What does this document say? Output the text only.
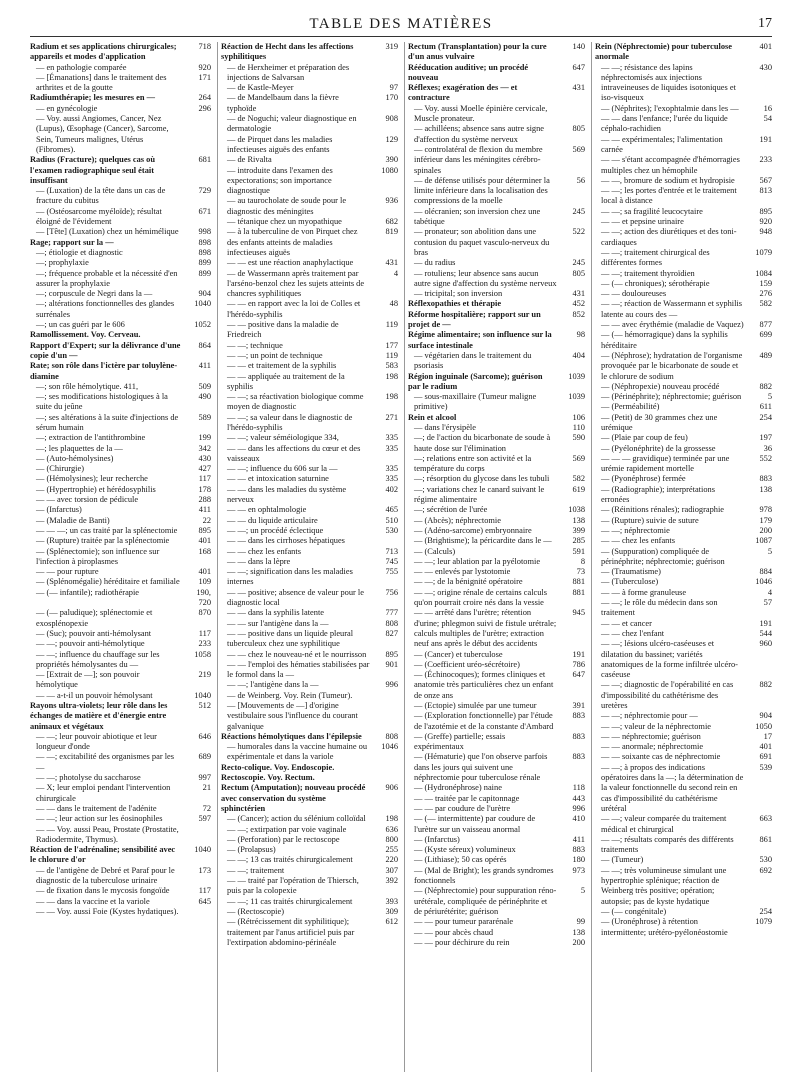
TABLE DES MATIÈRES	17
Radium et ses applications chirurgicales; appareils et modes d'application
718
— en pathologie comparée	920
— [Émanations] dans le traitement des arthrites et de la goutte
171
Radiumthérapie; les mesures en —	264
— en gynécologie	296
— Voy. aussi Angiomes, Cancer, Nez (Lupus), Œsophage (Cancer), Sarcome, Sein, Tumeurs malignes, Utérus (Fibromes).
Radius (Fracture); quelques cas où l'examen radiographique seul était insuffisant
681
— (Luxation) de la tête dans un cas de fracture du cubitus
729
— (Ostéosarcome myéloïde); résultat éloigné de l'évidement
671
— [Tête] (Luxation) chez un hémimélique	998
Rage; rapport sur la —	898
—; étiologie et diagnostic	898
—; prophylaxie	899
—; fréquence probable et la nécessité d'en assurer la prophylaxie
899
—; corpuscule de Negri dans la —	904
—; altérations fonctionnelles des glandes surrénales
1040
—; un cas guéri par le 606	1052
Ramollissement. Voy. Cerveau.
Rapport d'Expert; sur la délivrance d'une copie d'un —
864
Rate; son rôle dans l'ictère par toluylène-diamine
411
—; son rôle hémolytique. 411,	509
—; ses modifications histologiques à la suite du jeûne
490
—; ses altérations à la suite d'injections de sérum humain
589
—; extraction de l'antithrombine	199
—; les plaquettes de la —	342
— (Auto-hémolysines)	430
— (Chirurgie)	427
— (Hémolysines); leur recherche	117
— (Hypertrophie) et hérédosyphilis	178
— — avec torsion de pédicule	288
— (Infarctus)	411
— (Maladie de Banti)	22
— — —; un cas traité par la splénectomie	895
— (Rupture) traitée par la splénectomie	401
— (Splénectomie); son influence sur l'infection à piroplasmes
168
— — pour rupture	401
— (Splénomégalie) héréditaire et familiale	109
— (— infantile); radiothérapie	190, 720
— (— paludique); splénectomie et exosplénopexie
870
— (Suc); pouvoir anti-hémolysant	117
— —; pouvoir anti-hémolytique	233
— —; influence du chauffage sur les propriétés hémolysantes du —
1058
— [Extrait de —]; son pouvoir hémolytique
219
— — a-t-il un pouvoir hémolysant	1040
Rayons ultra-violets; leur rôle dans les échanges de matière et d'énergie entre animaux et végétaux
512
— —; leur pouvoir abiotique et leur longueur d'onde
646
— —; excitabilité des organismes par les —
689
— —; photolyse du saccharose	997
— X; leur emploi pendant l'intervention chirurgicale
21
— — dans le traitement de l'adénite	72
— —; leur action sur les éosinophiles	597
— — Voy. aussi Peau, Prostate (Prostatite, Radiodermite, Thymus).
Réaction de l'adrénaline; sensibilité avec le chlorure d'or
1040
— de l'antigène de Debré et Paraf pour le diagnostic de la tuberculose urinaire
173
— de fixation dans le mycosis fongoïde	117
— — dans la vaccine et la variole	645
— — Voy. aussi Foie (Kystes hydatiques).
Réaction de Hecht dans les affections syphilitiques
319
— de Herxheimer et préparation des injections de Salvarsan
— de Kastle-Meyer	97
— de Mandelbaum dans la fièvre typhoïde
170
— de Noguchi; valeur diagnostique en dermatologie
908
— de Pirquet dans les maladies infectieuses aiguës des enfants
129
— de Rivalta	390
— introduite dans l'examen des expectorations; son importance diagnostique
1080
— au taurocholate de soude pour le diagnostic des méningites
936
— tétanique chez un myopathique	682
— à la tuberculine de von Pirquet chez des enfants atteints de maladies infectieuses aiguës
819
— — est une réaction anaphylactique	431
— de Wassermann après traitement par l'arséno-benzol chez les sujets atteints de chancres syphilitiques
4
— — en rapport avec la loi de Colles et l'hérédo-syphilis
48
— — positive dans la maladie de Friedreich
119
— —; technique	177
— —; un point de technique	119
— — et traitement de la syphilis	583
— — appliquée au traitement de la syphilis
198
— —; sa réactivation biologique comme moyen de diagnostic
198
— —; sa valeur dans le diagnostic de l'hérédo-syphilis
271
— —; valeur séméiologique 334,	335
— — dans les affections du cœur et des vaisseaux
335
— —; influence du 606 sur la —	335
— — et intoxication saturnine	335
— — dans les maladies du système nerveux
402
— — en ophtalmologie	465
— — du liquide articulaire	510
— —; un procédé éclectique	530
— — dans les cirrhoses hépatiques
— — chez les enfants	713
— — dans la lèpre	745
— —; signification dans les maladies internes
755
— — positive; absence de valeur pour le diagnostic local
756
— — dans la syphilis latente	777
— — sur l'antigène dans la —	808
— — positive dans un liquide pleural tuberculeux chez une syphilitique
827
— — chez le nouveau-né et le nourrisson	895
— — l'emploi des hématies stabilisées par le formol dans la —
901
— —; l'antigène dans la —	996
— de Weinberg. Voy. Rein (Tumeur).
— [Mouvements de —] d'origine vestibulaire sous l'influence du courant galvanique
Réactions hémolytiques dans l'épilepsie	808
— humorales dans la vaccine humaine ou expérimentale et dans la variole
1046
Recto-colique. Voy. Endoscopie.
Rectoscopie. Voy. Rectum.
Rectum (Amputation); nouveau procédé avec conservation du système sphinctérien
906
— (Cancer); action du sélénium colloïdal	198
— —; extirpation par voie vaginale	636
— (Perforation) par le rectoscope	800
— (Prolapsus)	255
— —; 13 cas traités chirurgicalement	220
— —; traitement	307
— — traité par l'opération de Thiersch, puis par la colopexie
392
— —; 11 cas traités chirurgicalement	393
— (Rectoscopie)	309
— (Rétrécissement dit syphilitique); traitement par l'anus artificiel puis par l'extirpation abdomino-périnéale
612
Rectum (Transplantation) pour la cure d'un anus vulvaire
140
Rééducation auditive; un procédé nouveau
647
Réflexes; exagération des — et contracture
431
— Voy. aussi Moelle épinière cervicale, Muscle pronateur.
— achilléens; absence sans autre signe d'affection du système nerveux
805
— controlatéral de flexion du membre inférieur dans les méningites cérébro-spinales
569
— de défense utilisés pour déterminer la limite inférieure dans la localisation des compressions de la moelle
56
— olécranien; son inversion chez une tabétique
245
— pronateur; son abolition dans une contusion du paquet vasculo-nerveux du bras
522
— du radius	245
— rotuliens; leur absence sans aucun autre signe d'affection du système nerveux
805
— tricipital; son inversion	431
Réflexopathies et thérapie	452
Réforme hospitalière; rapport sur un projet de —
852
Régime alimentaire; son influence sur la surface intestinale
98
— végétarien dans le traitement du psoriasis
404
Région inguinale (Sarcome); guérison par le radium
1039
— sous-maxillaire (Tumeur maligne primitive)
1039
Rein et alcool	106
— dans l'érysipèle	110
—; de l'action du bicarbonate de soude à haute dose sur l'élimination
590
—; relations entre son activité et la température du corps
569
—; résorption du glycose dans les tubuli	582
—; variations chez le canard suivant le régime alimentaire
619
—; sécrétion de l'urée	1038
— (Abcès); néphrectomie	138
— (Adéno-sarcome) embryonnaire	399
— (Brightisme); la péricardite dans le —	285
— (Calculs)	591
— —; leur ablation par la pyélotomie	8
— — enlevés par lystotomie	73
— —; de la bénignité opératoire	881
— —; origine rénale de certains calculs qu'on pourrait croire nés dans la vessie
881
— — arrêté dans l'urètre; rétention d'urine; phlegmon suivi de fistule urétrale; calculs multiples de l'urètre; extraction neuf ans après le début des accidents
945
— (Cancer) et tuberculose	191
— (Coefficient uréo-sécrétoire)	786
— (Échinocoques); formes cliniques et anatomie très particulières chez un enfant de onze ans
647
— (Ectopie) simulée par une tumeur	391
— (Exploration fonctionnelle) par l'étude de l'azotémie et de la constante d'Ambard
883
— (Greffe) partielle; essais expérimentaux
883
— (Hématurie) que l'on observe parfois dans les jours qui suivent une néphrectomie pour tuberculose rénale
883
— (Hydronéphrose) naine	118
— — traitée par le capitonnage	443
— — par coudure de l'urètre	996
— (— intermittente) par coudure de l'urètre sur un vaisseau anormal
410
— (Infarctus)	411
— (Kyste séreux) volumineux	883
— (Lithiase); 50 cas opérés	180
— (Mal de Bright); les grands syndromes fonctionnels
973
— (Néphrectomie) pour suppuration réno-urétérale, compliquée de périnéphrite et de périurétérite; guérison
5
— — pour tumeur pararénale	99
— — pour abcès chaud	138
— — pour déchirure du rein	200
Rein (Néphrectomie) pour tuberculose anormale
401
— —; résistance des lapins néphrectomisés aux injections intraveineuses de liquides isotoniques et iso-visqueux
430
— (Néphrites); l'exophtalmie dans les —	16
— — dans l'enfance; l'urée du liquide céphalo-rachidien
54
— — expérimentales; l'alimentation carnée
191
— — s'étant accompagnée d'hémorragies multiples chez un hémophile
233
— —, bromure de sodium et hydropisie	567
— —; les portes d'entrée et le traitement local à distance
813
— —; sa fragilité leucocytaire	895
— — et pepsine urinaire	920
— —; action des diurétiques et des toni-cardiaques
948
— —; traitement chirurgical des différentes formes
1079
— —; traitement thyroïdien	1084
— (— chroniques); sérothérapie	159
— — douloureuses	276
— —; réaction de Wassermann et syphilis latente au cours des —
582
— — avec érythémie (maladie de Vaquez)	877
— (— hémorragique) dans la syphilis héréditaire
699
— (Néphrose); hydratation de l'organisme provoquée par le bicarbonate de soude et le chlorure de sodium
489
— (Néphropexie) nouveau procédé	882
— (Périnéphrite); néphrectomie; guérison	5
— (Perméabilité)	611
— (Petit) de 30 grammes chez une urémique
254
— (Plaie par coup de feu)	197
— (Pyélonéphrite) de la grossesse	36
— — — gravidique) terminée par une urémie rapidement mortelle
552
— (Pyonéphrose) fermée	883
— (Radiographie); interprétations erronées
138
— (Réinitions rénales); radiographie	978
— (Rupture) suivie de suture	179
— —; néphrectomie	200
— — chez les enfants	1087
— (Suppuration) compliquée de périnéphrite; néphrectomie; guérison
5
— (Traumatisme)	884
— (Tuberculose)	1046
— — à forme granuleuse	4
— —; le rôle du médecin dans son traitement
57
— — et cancer	191
— — chez l'enfant	544
— —; lésions ulcéro-caséeuses et dilatation du bassinet; variétés anatomiques de la forme infiltrée ulcéro-caséeuse
960
— —; diagnostic de l'opérabilité en cas d'impossibilité du cathétérisme des uretères
882
— —; néphrectomie pour —	904
— —; valeur de la néphrectomie	1050
— — néphrectomie; guérison	17
— — anormale; néphrectomie	401
— — soixante cas de néphrectomie	691
— —; à propos des indications opératoires dans la —; la détermination de la valeur fonctionnelle du second rein en cas d'impossibilité du cathétérisme urétéral
539
— —; valeur comparée du traitement médical et chirurgical
663
— —; résultats comparés des différents traitements
861
— (Tumeur)	530
— —; très volumineuse simulant une hypertrophie splénique; réaction de Weinberg très positive; opération; autopsie; pas de kyste hydatique
692
— (— congénitale)	254
— (Uronéphrose) à rétention intermittente; urétéro-pyélonéostomie
1079
